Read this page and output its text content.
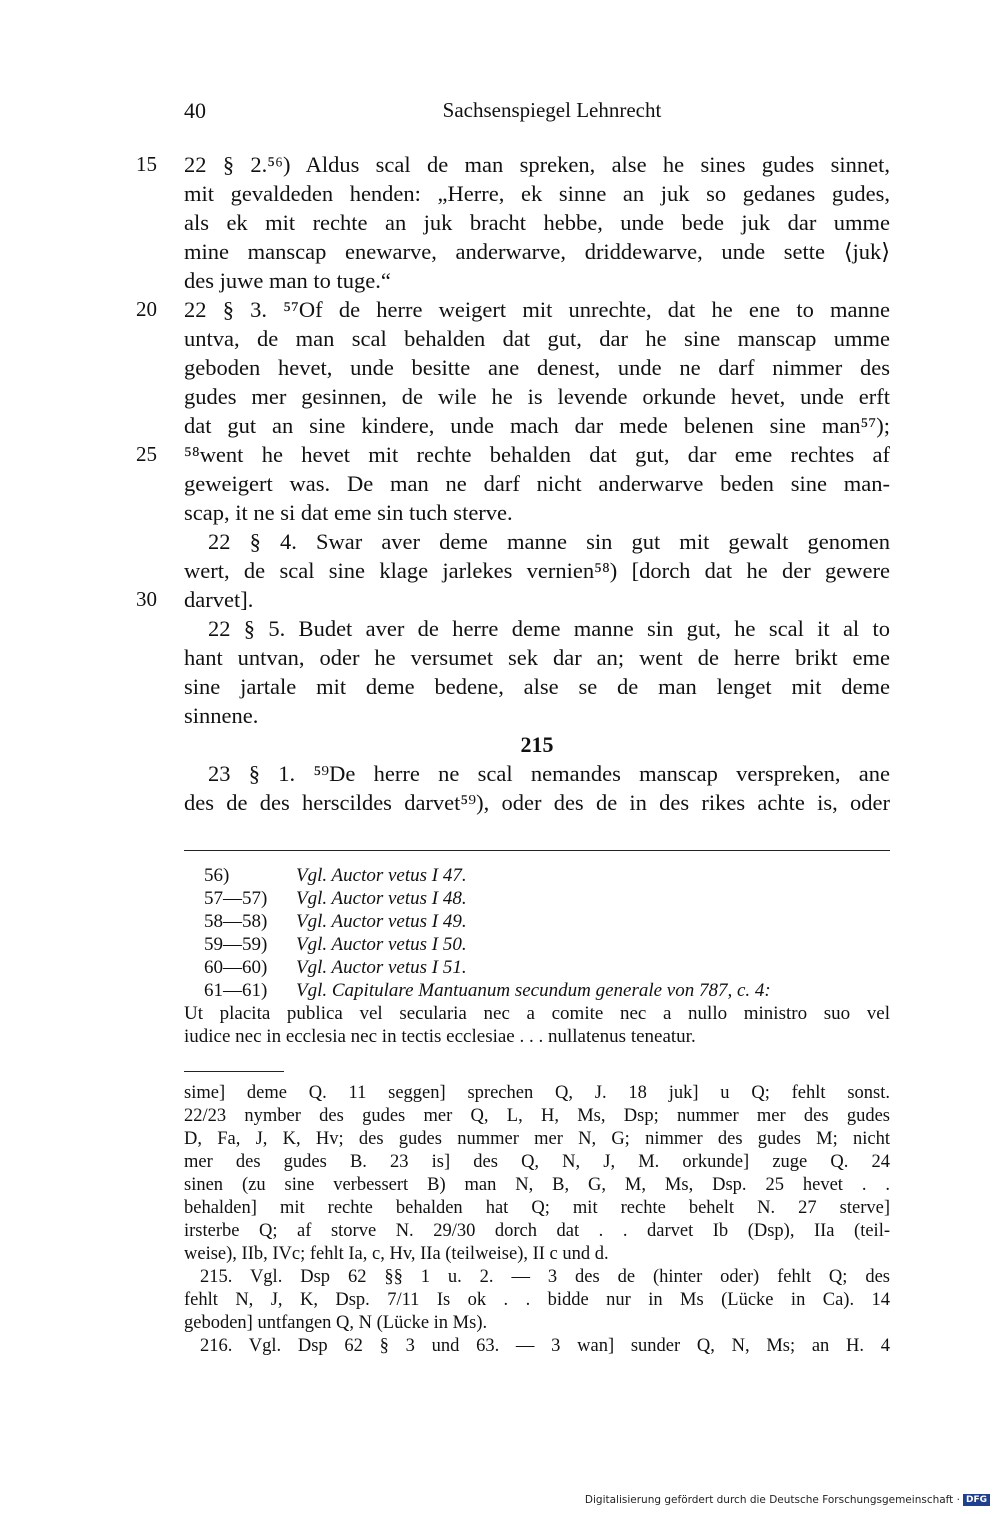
40	Sachsenspiegel Lehnrecht
15 22 § 2.⁵⁶) Aldus scal de man spreken, alse he sines gudes sinnet,
mit gevaldeden henden: „Herre, ek sinne an juk so gedanes gudes,
als ek mit rechte an juk bracht hebbe, unde bede juk dar umme
mine manscap enewarve, anderwarve, driddewarve, unde sette ⟨juk⟩
des juwe man to tuge.“
20 22 § 3. ⁵⁷Of de herre weigert mit unrechte, dat he ene to manne
untva, de man scal behalden dat gut, dar he sine manscap umme
geboden hevet, unde besitte ane denest, unde ne darf nimmer des
gudes mer gesinnen, de wile he is levende orkunde hevet, unde erft
dat gut an sine kindere, unde mach dar mede belenen sine man⁵⁷);
25 ⁵⁸went he hevet mit rechte behalden dat gut, dar eme rechtes af
geweigert was. De man ne darf nicht anderwarve beden sine man-
scap, it ne si dat eme sin tuch sterve.
22 § 4. Swar aver deme manne sin gut mit gewalt genomen
wert, de scal sine klage jarlekes vernien⁵⁸) [dorch dat he der gewere
30 darvet].
22 § 5. Budet aver de herre deme manne sin gut, he scal it al to
hant untvan, oder he versumet sek dar an; went de herre brikt eme
sine jartale mit deme bedene, alse se de man lenget mit deme
sinnene.
215
23 § 1. ⁵⁹De herre ne scal nemandes manscap verspreken, ane
des de des herscildes darvet⁵⁹), oder des de in des rikes achte is, oder
56)	Vgl. Auctor vetus I 47.
57—57) Vgl. Auctor vetus I 48.
58—58) Vgl. Auctor vetus I 49.
59—59) Vgl. Auctor vetus I 50.
60—60) Vgl. Auctor vetus I 51.
61—61) Vgl. Capitulare Mantuanum secundum generale von 787, c. 4:
Ut placita publica vel secularia nec a comite nec a nullo ministro suo vel
iudice nec in ecclesia nec in tectis ecclesiae . . . nullatenus teneatur.
sime] deme Q. 11 seggen] sprechen Q, J. 18 juk] u Q; fehlt sonst.
22/23 nymber des gudes mer Q, L, H, Ms, Dsp; nummer mer des gudes
D, Fa, J, K, Hv; des gudes nummer mer N, G; nimmer des gudes M; nicht
mer des gudes B. 23 is] des Q, N, J, M. orkunde] zuge Q. 24
sinen (zu sine verbessert B) man N, B, G, M, Ms, Dsp. 25 hevet . .
behalden] mit rechte behalden hat Q; mit rechte behelt N. 27 sterve]
irsterbe Q; af storve N. 29/30 dorch dat . . darvet Ib (Dsp), IIa (teil-
weise), IIb, IVc; fehlt Ia, c, Hv, IIa (teilweise), II c und d.
215. Vgl. Dsp 62 §§ 1 u. 2. — 3 des de (hinter oder) fehlt Q; des
fehlt N, J, K, Dsp. 7/11 Is ok . . bidde nur in Ms (Lücke in Ca). 14
geboden] untfangen Q, N (Lücke in Ms).
216. Vgl. Dsp 62 § 3 und 63. — 3 wan] sunder Q, N, Ms; an H. 4
Digitalisierung gefördert durch die Deutsche Forschungsgemeinschaft · DFG
